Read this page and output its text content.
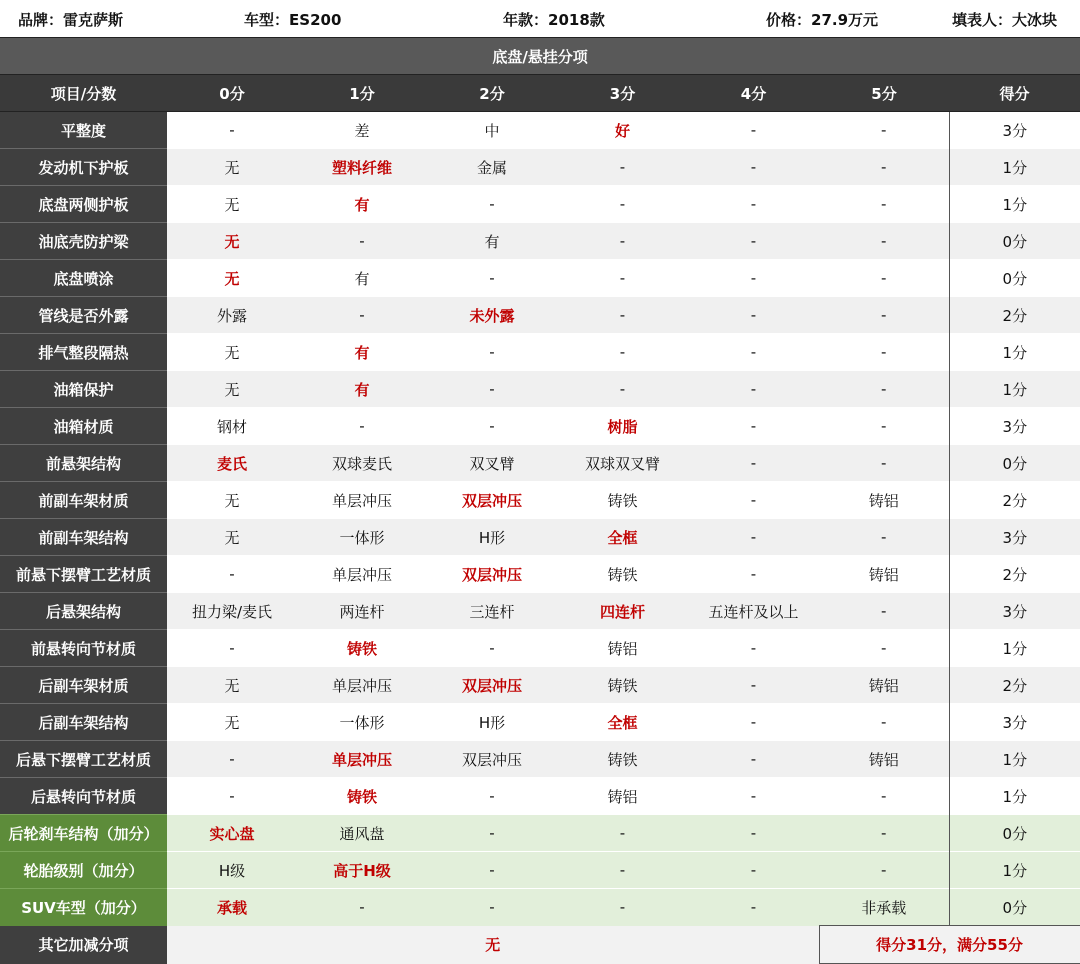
品牌：雷克萨斯	车型：ES200	年款：2018款	价格：27.9万元	填表人：大冰块
底盘/悬挂分项							
项目/分数	0分	1分	2分	3分	4分	5分	得分
平整度	-	差	中	好	-	-	3分
发动机下护板	无	塑料纤维	金属	-	-	-	1分
底盘两侧护板	无	有	-	-	-	-	1分
油底壳防护梁	无	-	有	-	-	-	0分
底盘喷涂	无	有	-	-	-	-	0分
管线是否外露	外露	-	未外露	-	-	-	2分
排气整段隔热	无	有	-	-	-	-	1分
油箱保护	无	有	-	-	-	-	1分
油箱材质	钢材	-	-	树脂	-	-	3分
前悬架结构	麦氏	双球麦氏	双叉臂	双球双叉臂	-	-	0分
前副车架材质	无	单层冲压	双层冲压	铸铁	-	铸铝	2分
前副车架结构	无	一体形	H形	全框	-	-	3分
前悬下摆臂工艺材质	-	单层冲压	双层冲压	铸铁	-	铸铝	2分
后悬架结构	扭力梁/麦氏	两连杆	三连杆	四连杆	五连杆及以上	-	3分
前悬转向节材质	-	铸铁	-	铸铝	-	-	1分
后副车架材质	无	单层冲压	双层冲压	铸铁	-	铸铝	2分
后副车架结构	无	一体形	H形	全框	-	-	3分
后悬下摆臂工艺材质	-	单层冲压	双层冲压	铸铁	-	铸铝	1分
后悬转向节材质	-	铸铁	-	铸铝	-	-	1分
后轮刹车结构（加分）	实心盘	通风盘	-	-	-	-	0分
轮胎级别（加分）	H级	高于H级	-	-	-	-	1分
SUV车型（加分）	承载	-	-	-	-	非承载	0分
其它加减分项	无					得分31分，满分55分	
